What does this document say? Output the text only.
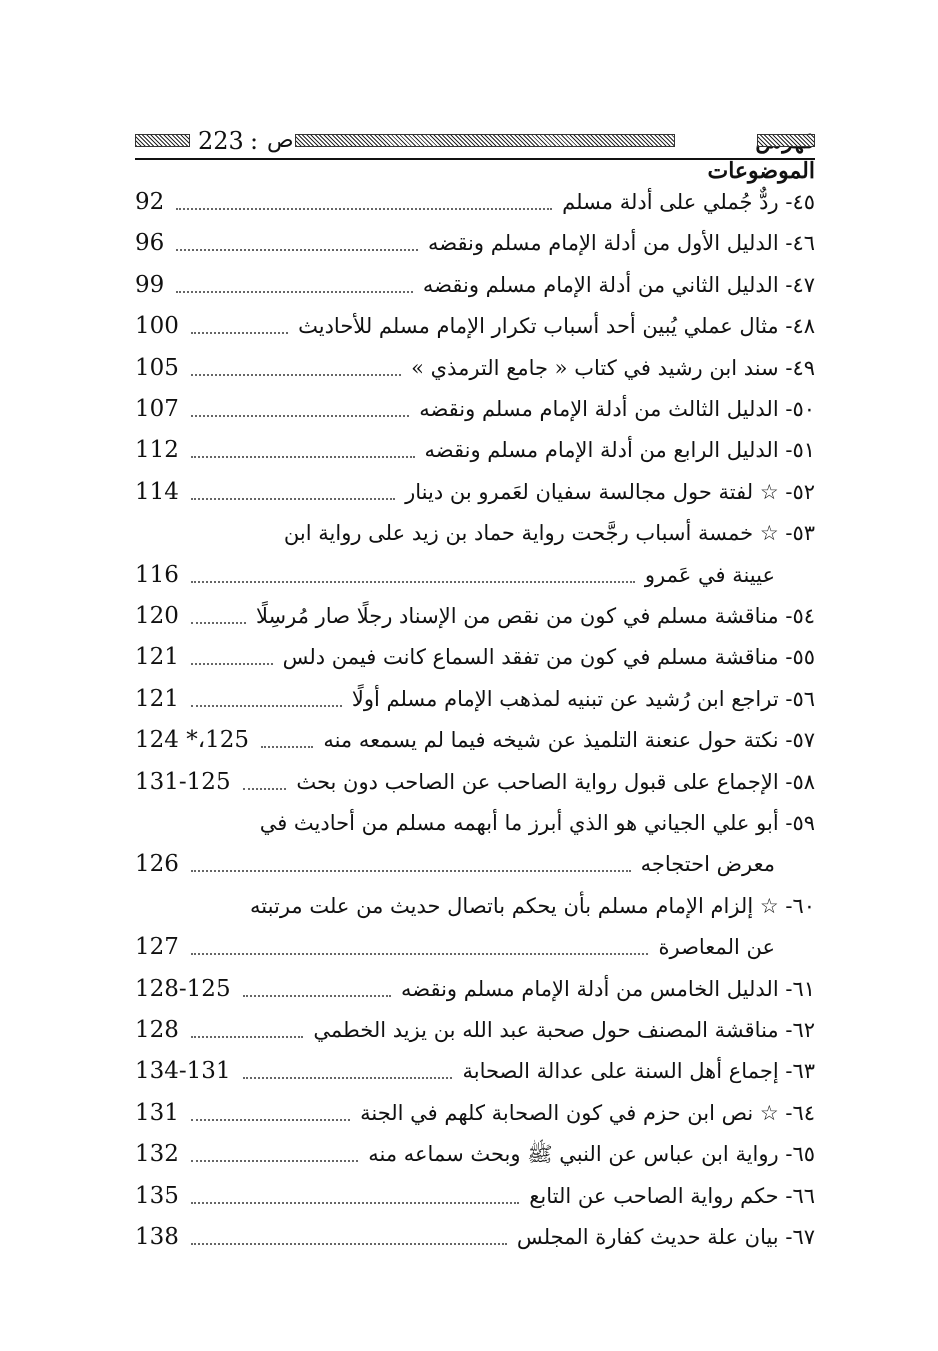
223 : ص
الموضوعات
92	٤٥- ردٌّ جُملي على أدلة مسلم
96	٤٦- الدليل الأول من أدلة الإمام مسلم ونقضه
99	٤٧- الدليل الثاني من أدلة الإمام مسلم ونقضه
100	٤٨- مثال عملي يُبين أحد أسباب تكرار الإمام مسلم للأحاديث
105	٤٩- سند ابن رشيد في كتاب « جامع الترمذي »
107	٥٠- الدليل الثالث من أدلة الإمام مسلم ونقضه
112	٥١- الدليل الرابع من أدلة الإمام مسلم ونقضه
114	٥٢- ☆ لفتة حول مجالسة سفيان لعَمرو بن دينار
٥٣- ☆ خمسة أسباب رجَّحت رواية حماد بن زيد على رواية ابن
116	عيينة في عَمرو
120	٥٤- مناقشة مسلم في كون من نقص من الإسناد رجلًا صار مُرسِلًا
121	٥٥- مناقشة مسلم في كون من تفقد السماع كانت فيمن دلس
121	٥٦- تراجع ابن رُشيد عن تبنيه لمذهب الإمام مسلم أولًا
124 *،125	٥٧- نكتة حول عنعنة التلميذ عن شيخه فيما لم يسمعه منه
131-125	٥٨- الإجماع على قبول رواية الصاحب عن الصاحب دون بحث
٥٩- أبو علي الجياني هو الذي أبرز ما أبهمه مسلم من أحاديث في
126	معرض احتجاجه
٦٠- ☆ إلزام الإمام مسلم بأن يحكم باتصال حديث من علت مرتبته
127	عن المعاصرة
128-125	٦١- الدليل الخامس من أدلة الإمام مسلم ونقضه
128	٦٢- مناقشة المصنف حول صحبة عبد الله بن يزيد الخطمي
134-131	٦٣- إجماع أهل السنة على عدالة الصحابة
131	٦٤- ☆ نص ابن حزم في كون الصحابة كلهم في الجنة
132	٦٥- رواية ابن عباس عن النبي ﷺ وبحث سماعه منه
135	٦٦- حكم رواية الصاحب عن التابع
138	٦٧- بيان علة حديث كفارة المجلس
